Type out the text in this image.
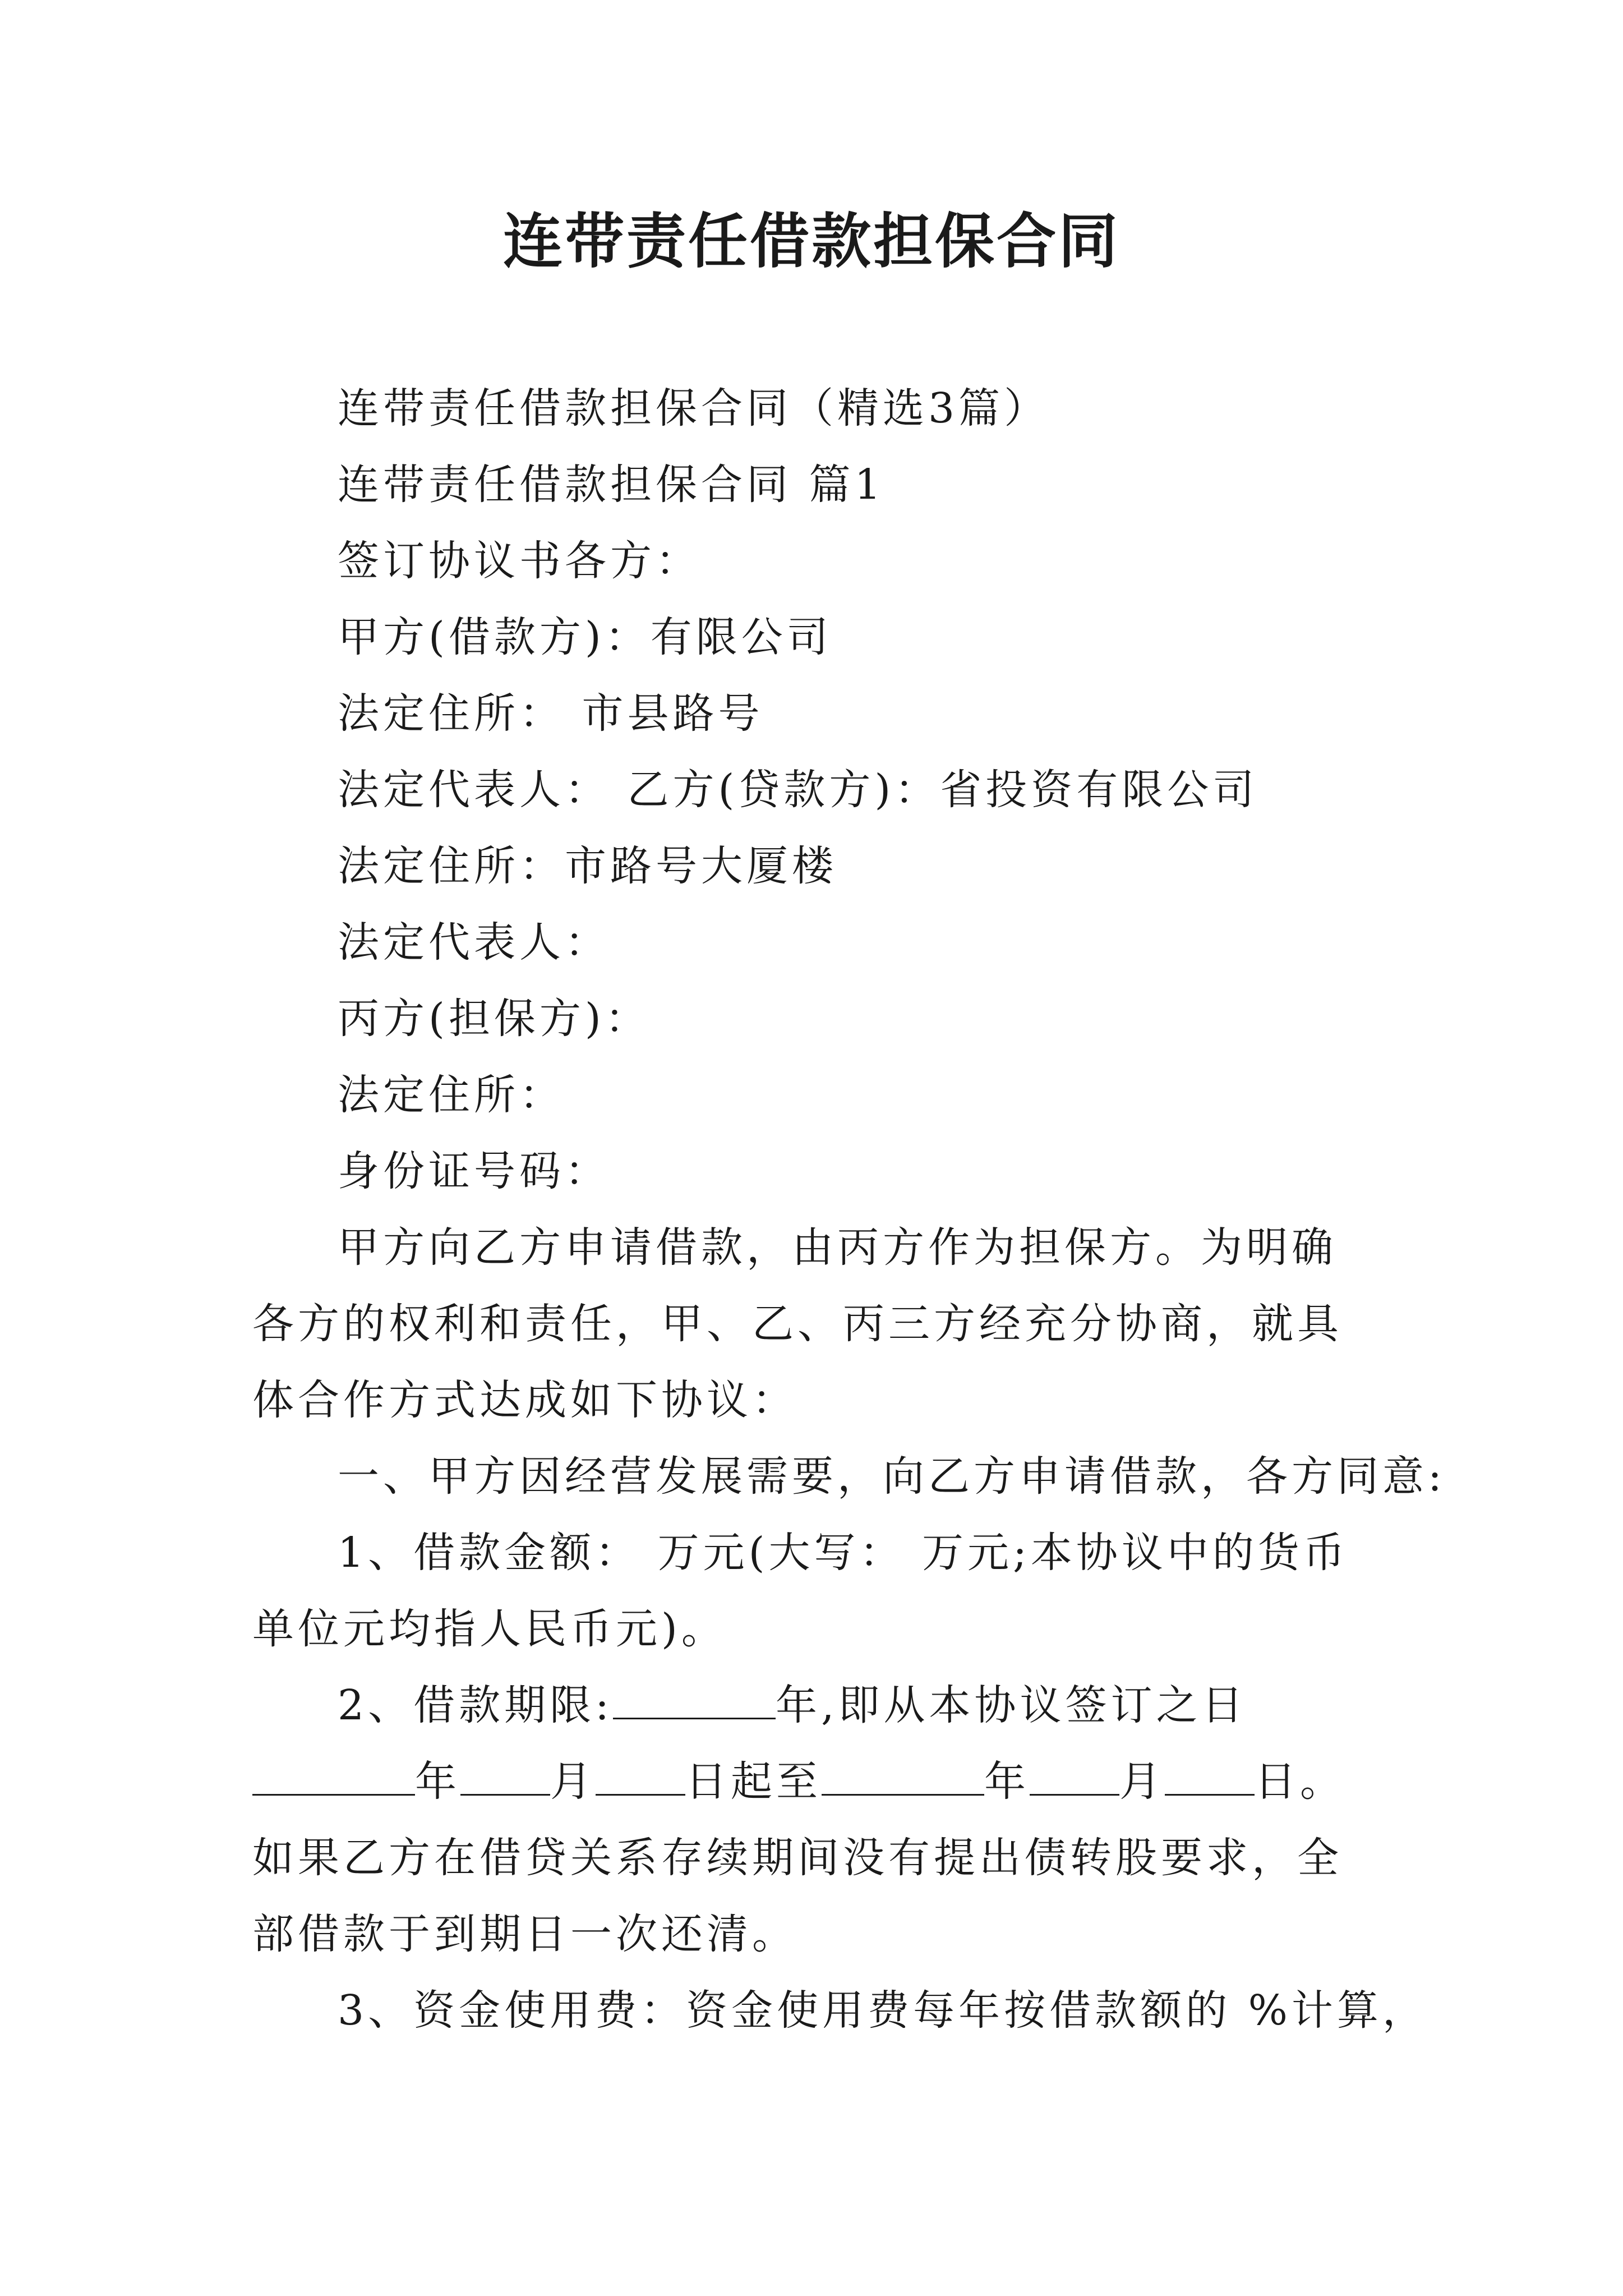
连带责任借款担保合同

连带责任借款担保合同（精选3篇）

连带责任借款担保合同 篇1

签订协议书各方：

甲方(借款方)：有限公司

法定住所： 市县路号

法定代表人： 乙方(贷款方)：省投资有限公司

法定住所：市路号大厦楼

法定代表人：

丙方(担保方)：

法定住所：

身份证号码：

甲方向乙方申请借款，由丙方作为担保方。为明确各方的权利和责任，甲、乙、丙三方经充分协商，就具体合作方式达成如下协议：

一、甲方因经营发展需要，向乙方申请借款，各方同意:

1、借款金额： 万元(大写： 万元;本协议中的货币单位元均指人民币元)。

2、借款期限:	年,即从本协议签订之日年 月 日起至	年 月 日。如果乙方在借贷关系存续期间没有提出债转股要求，全部借款于到期日一次还清。

3、资金使用费：资金使用费每年按借款额的 %计算，
